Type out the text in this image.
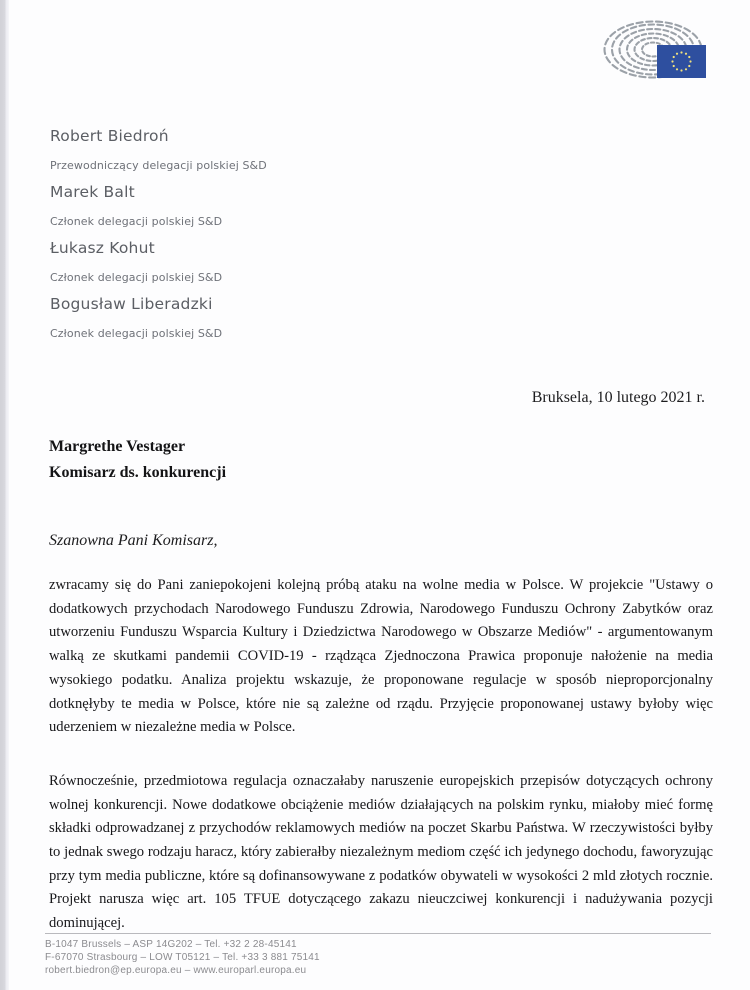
Robert Biedroń

Przewodniczący delegacji polskiej S&D

Marek Balt

Członek delegacji polskiej S&D

Łukasz Kohut

Członek delegacji polskiej S&D

Bogusław Liberadzki

Członek delegacji polskiej S&D

Bruksela, 10 lutego 2021 r.
Margrethe Vestager
Komisarz ds. konkurencji
Szanowna Pani Komisarz,

zwracamy się do Pani zaniepokojeni kolejną próbą ataku na wolne media w Polsce. W projekcie "Ustawy o dodatkowych przychodach Narodowego Funduszu Zdrowia, Narodowego Funduszu Ochrony Zabytków oraz utworzeniu Funduszu Wsparcia Kultury i Dziedzictwa Narodowego w Obszarze Mediów" - argumentowanym walką ze skutkami pandemii COVID-19 - rządząca Zjednoczona Prawica proponuje nałożenie na media wysokiego podatku. Analiza projektu wskazuje, że proponowane regulacje w sposób nieproporcjonalny dotknęłyby te media w Polsce, które nie są zależne od rządu. Przyjęcie proponowanej ustawy byłoby więc uderzeniem w niezależne media w Polsce.

Równocześnie, przedmiotowa regulacja oznaczałaby naruszenie europejskich przepisów dotyczących ochrony wolnej konkurencji. Nowe dodatkowe obciążenie mediów działających na polskim rynku, miałoby mieć formę składki odprowadzanej z przychodów reklamowych mediów na poczet Skarbu Państwa. W rzeczywistości byłby to jednak swego rodzaju haracz, który zabierałby niezależnym mediom część ich jedynego dochodu, faworyzując przy tym media publiczne, które są dofinansowywane z podatków obywateli w wysokości 2 mld złotych rocznie. Projekt narusza więc art. 105 TFUE dotyczącego zakazu nieuczciwej konkurencji i nadużywania pozycji dominującej.

B-1047 Brussels – ASP 14G202 – Tel. +32 2 28-45141

F-67070 Strasbourg – LOW T05121 – Tel. +33 3 881 75141

robert.biedron@ep.europa.eu – www.europarl.europa.eu
